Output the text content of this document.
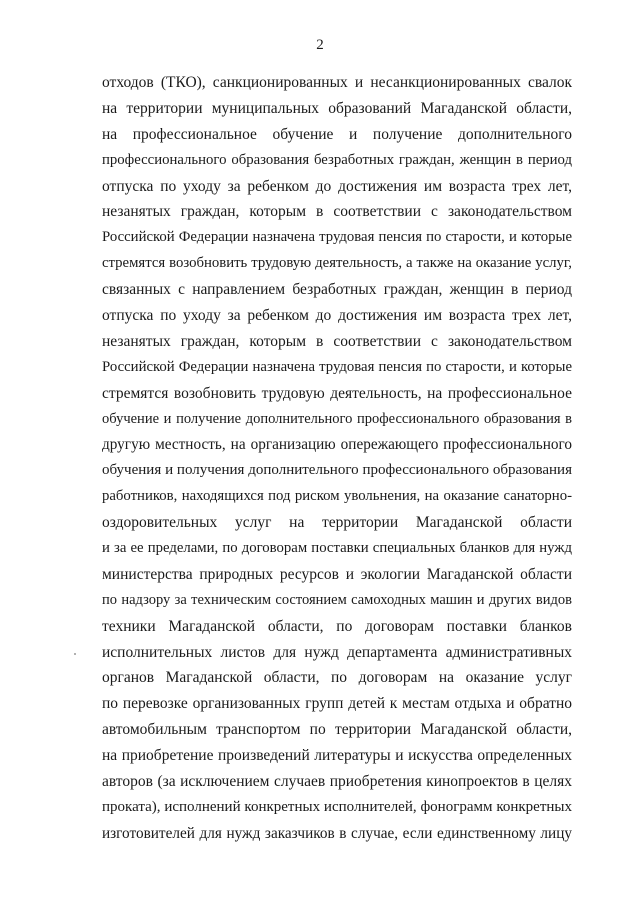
2
отходов (ТКО), санкционированных и несанкционированных свалок
на территории муниципальных образований Магаданской области,
на профессиональное обучение и получение дополнительного
профессионального образования безработных граждан, женщин в период
отпуска по уходу за ребенком до достижения им возраста трех лет,
незанятых граждан, которым в соответствии с законодательством
Российской Федерации назначена трудовая пенсия по старости, и которые
стремятся возобновить трудовую деятельность, а также на оказание услуг,
связанных с направлением безработных граждан, женщин в период
отпуска по уходу за ребенком до достижения им возраста трех лет,
незанятых граждан, которым в соответствии с законодательством
Российской Федерации назначена трудовая пенсия по старости, и которые
стремятся возобновить трудовую деятельность, на профессиональное
обучение и получение дополнительного профессионального образования в
другую местность, на организацию опережающего профессионального
обучения и получения дополнительного профессионального образования
работников, находящихся под риском увольнения, на оказание санаторно-
оздоровительных услуг на территории Магаданской области
и за ее пределами, по договорам поставки специальных бланков для нужд
министерства природных ресурсов и экологии Магаданской области
по надзору за техническим состоянием самоходных машин и других видов
техники Магаданской области, по договорам поставки бланков
исполнительных листов для нужд департамента административных
органов Магаданской области, по договорам на оказание услуг
по перевозке организованных групп детей к местам отдыха и обратно
автомобильным транспортом по территории Магаданской области,
на приобретение произведений литературы и искусства определенных
авторов (за исключением случаев приобретения кинопроектов в целях
проката), исполнений конкретных исполнителей, фонограмм конкретных
изготовителей для нужд заказчиков в случае, если единственному лицу
